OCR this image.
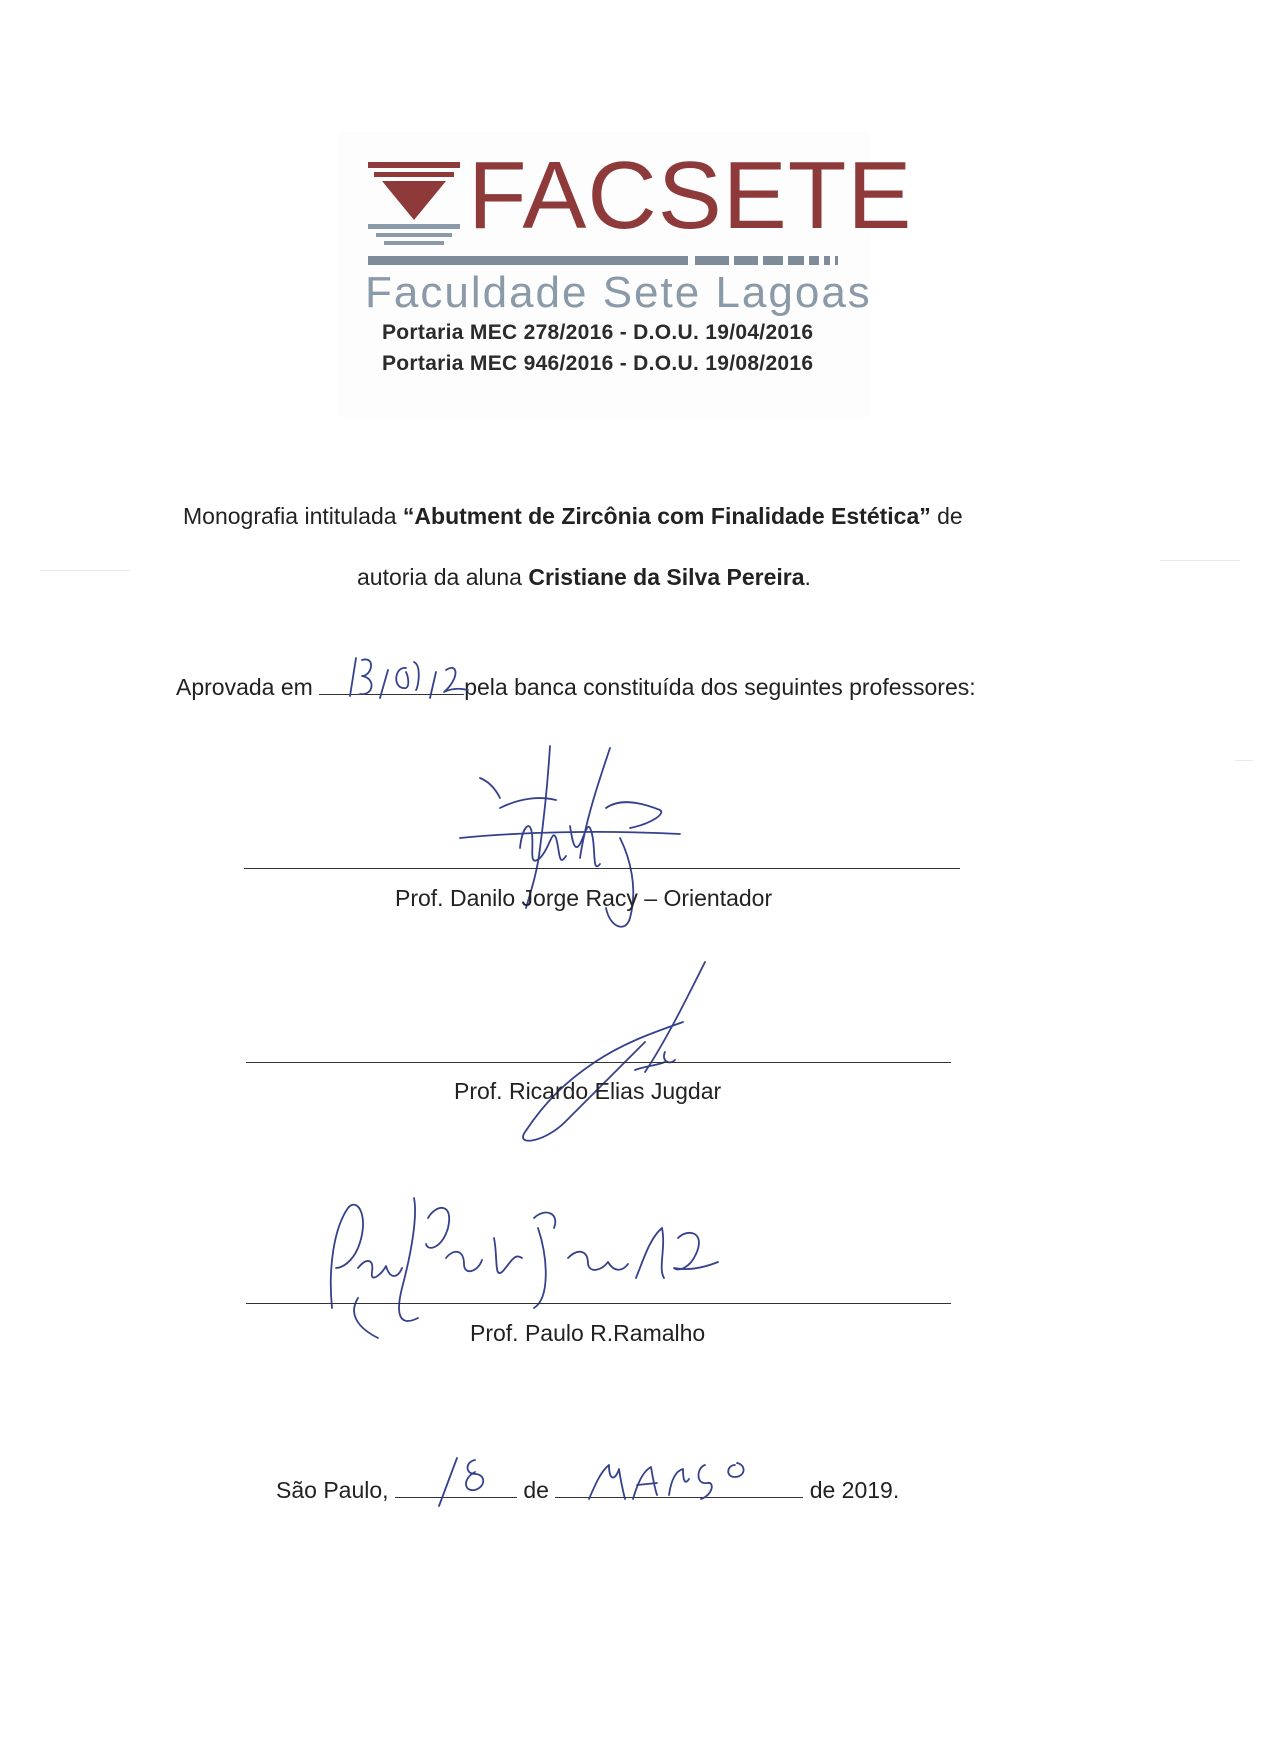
FACSETE
Faculdade Sete Lagoas
Portaria MEC 278/2016 - D.O.U. 19/04/2016
Portaria MEC 946/2016 - D.O.U. 19/08/2016
Monografia intitulada “Abutment de Zircônia com Finalidade Estética” de
autoria da aluna Cristiane da Silva Pereira.
Aprovada em	pela banca constituída dos seguintes professores:
Prof. Danilo Jorge Racy – Orientador
Prof. Ricardo Elias Jugdar
Prof. Paulo R.Ramalho
São Paulo,	de	de 2019.
